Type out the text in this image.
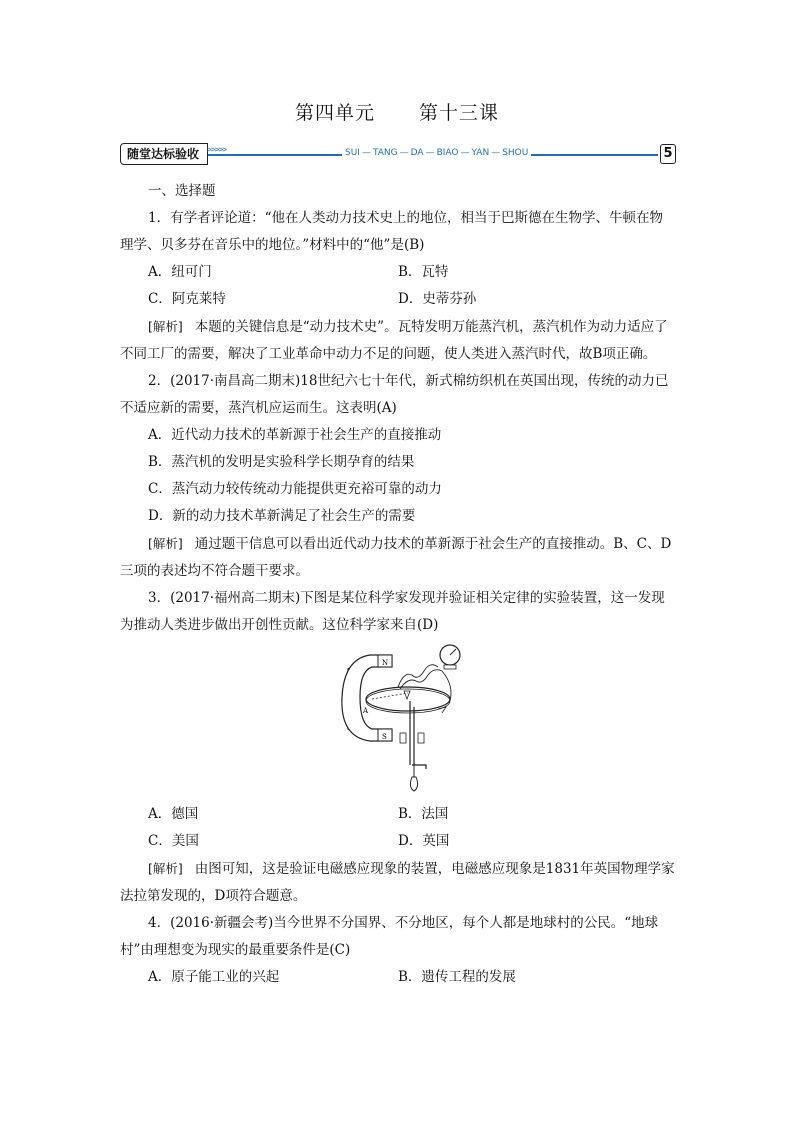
第四单元 第十三课
随堂达标验收 >>>>>	SUI — TANG — DA — BIAO — YAN — SHOU	5

一、选择题

1．有学者评论道：“他在人类动力技术史上的地位，相当于巴斯德在生物学、牛顿在物理学、贝多芬在音乐中的地位。”材料中的“他”是(B)

A．纽可门	B．瓦特
C．阿克莱特	D．史蒂芬孙

[解析] 本题的关键信息是“动力技术史”。瓦特发明万能蒸汽机，蒸汽机作为动力适应了不同工厂的需要，解决了工业革命中动力不足的问题，使人类进入蒸汽时代，故B项正确。

2．(2017·南昌高二期末)18世纪六七十年代，新式棉纺织机在英国出现，传统的动力已不适应新的需要，蒸汽机应运而生。这表明(A)

A．近代动力技术的革新源于社会生产的直接推动

B．蒸汽机的发明是实验科学长期孕育的结果

C．蒸汽动力较传统动力能提供更充裕可靠的动力

D．新的动力技术革新满足了社会生产的需要

[解析] 通过题干信息可以看出近代动力技术的革新源于社会生产的直接推动。B、C、D三项的表述均不符合题干要求。

3．(2017·福州高二期末)下图是某位科学家发现并验证相关定律的实验装置，这一发现为推动人类进步做出开创性贡献。这位科学家来自(D)

N
S
A
A．德国	B．法国
C．美国	D．英国

[解析] 由图可知，这是验证电磁感应现象的装置，电磁感应现象是1831年英国物理学家法拉第发现的，D项符合题意。

4．(2016·新疆会考)当今世界不分国界、不分地区，每个人都是地球村的公民。“地球村”由理想变为现实的最重要条件是(C)

A．原子能工业的兴起	B．遗传工程的发展
